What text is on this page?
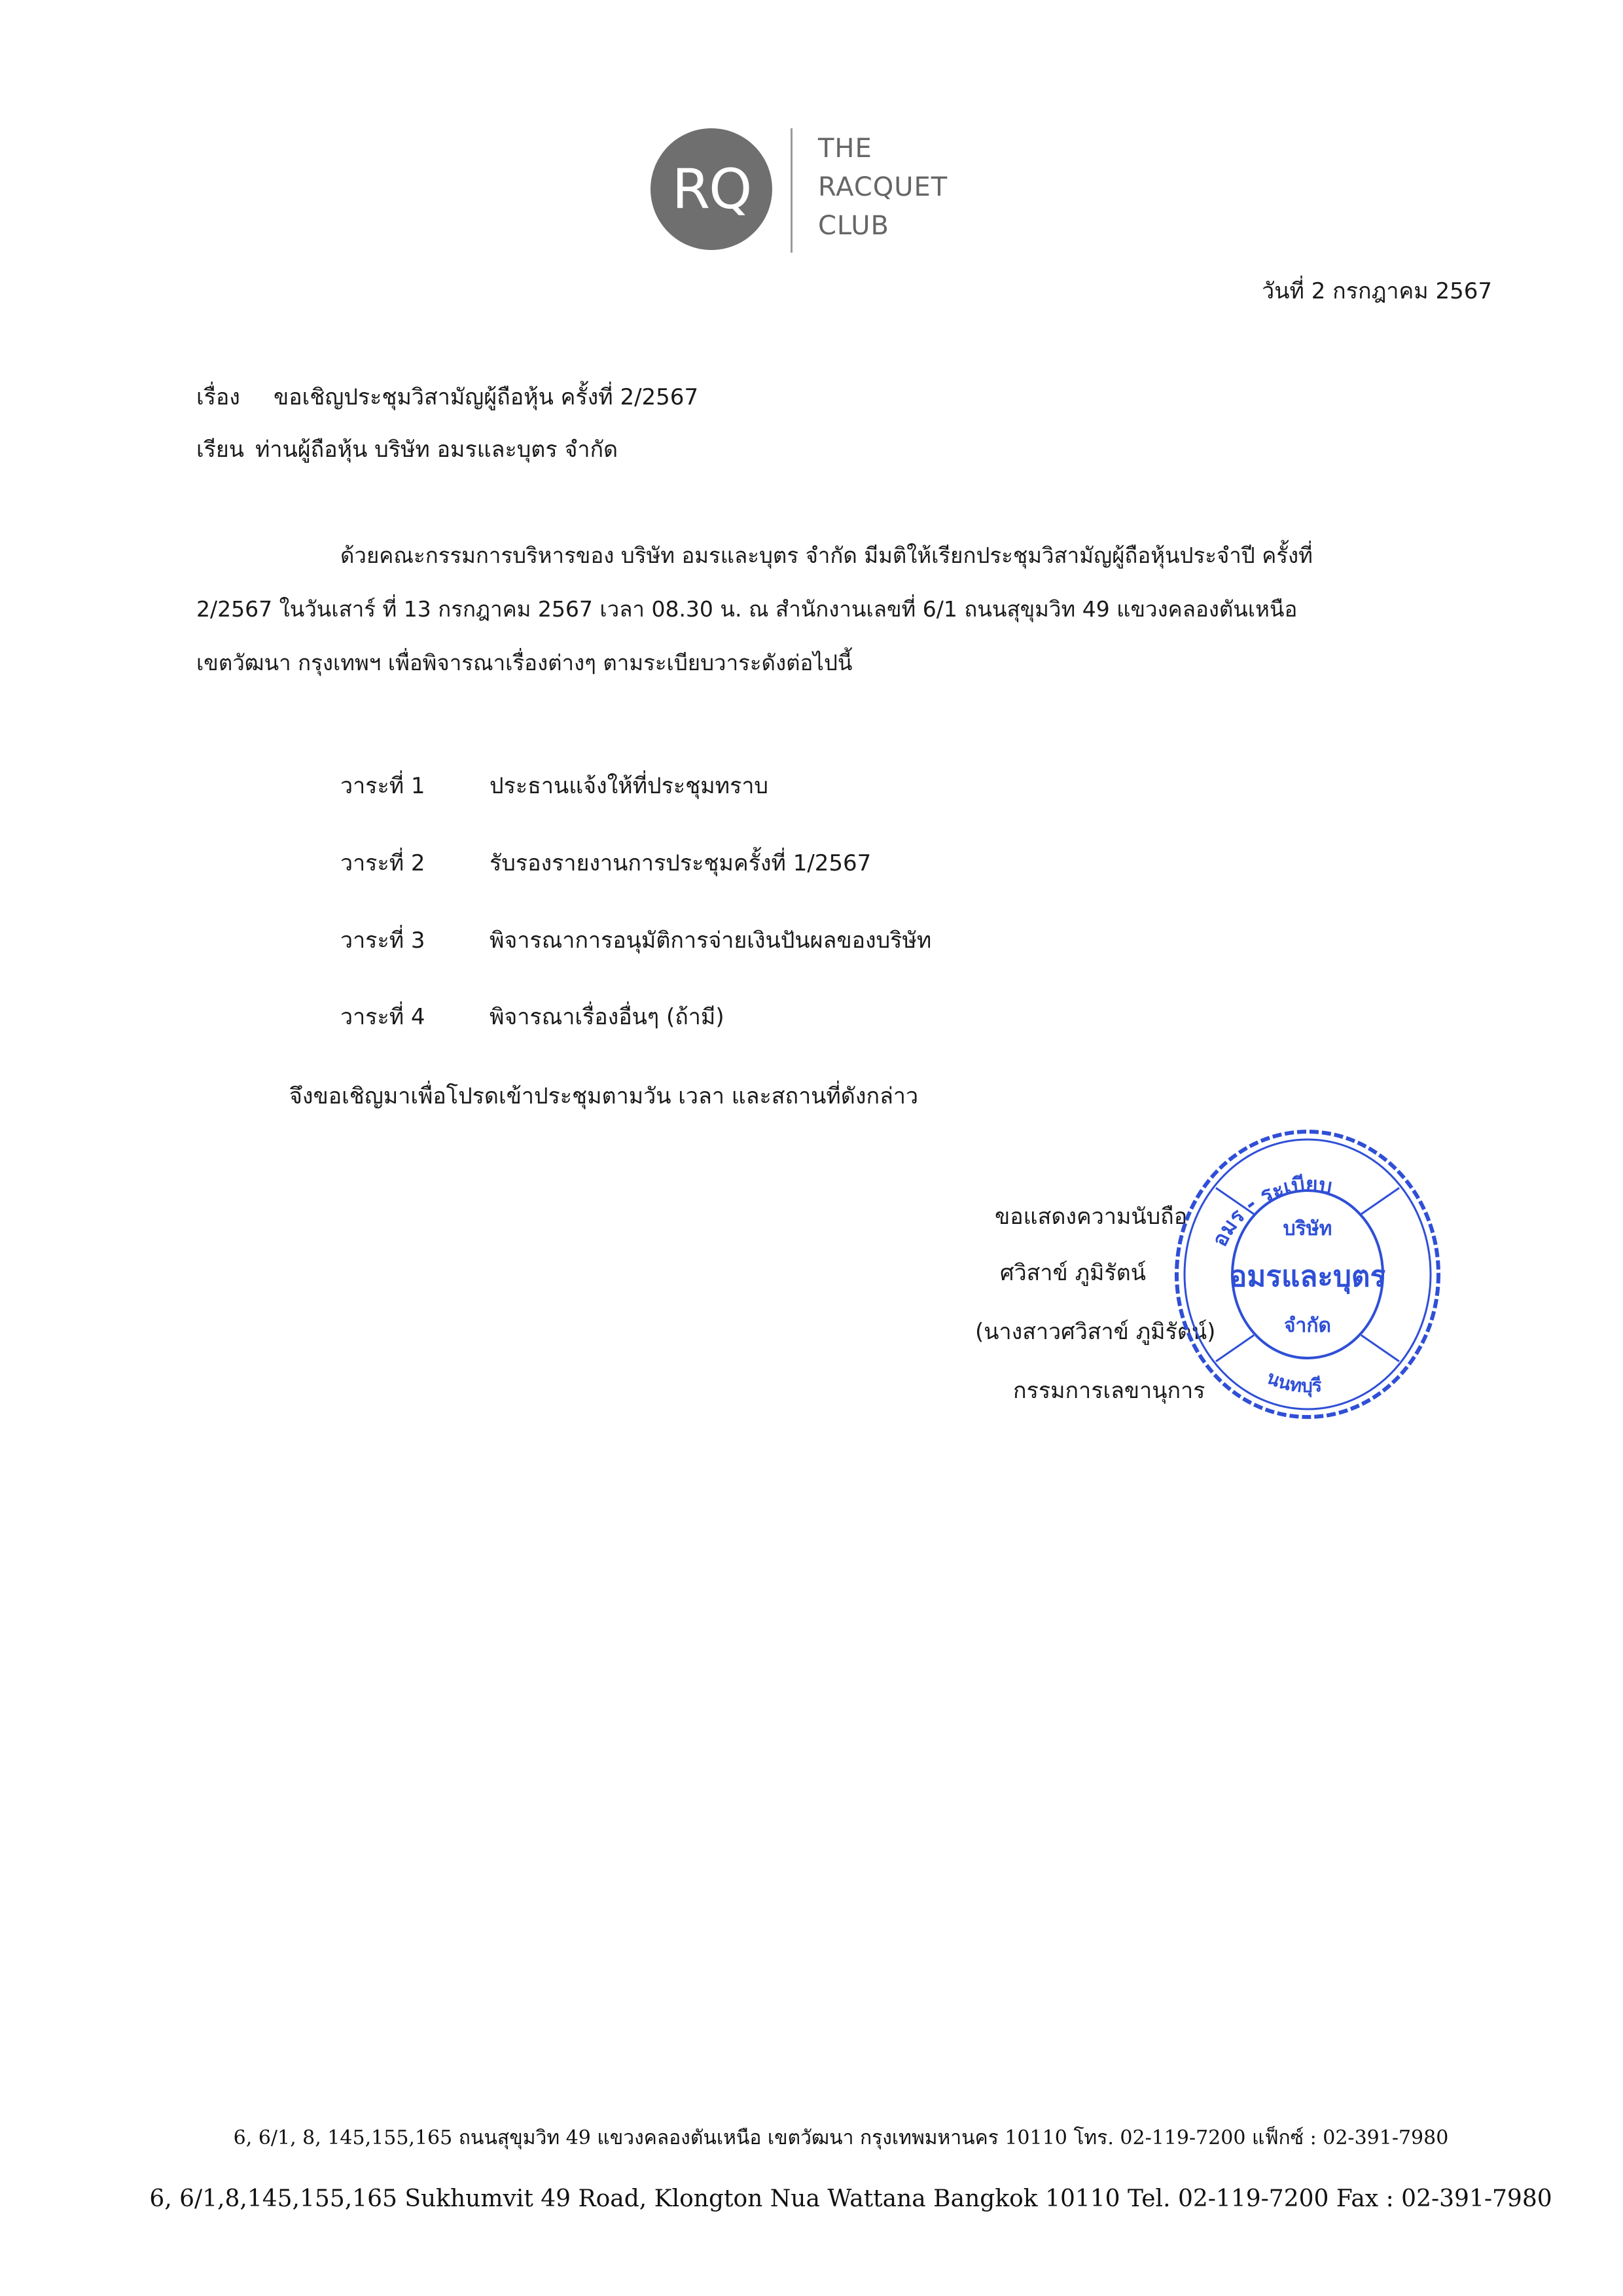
RQ
THE
RACQUET
CLUB
วันที่ 2 กรกฎาคม 2567
เรื่อง ขอเชิญประชุมวิสามัญผู้ถือหุ้น ครั้งที่ 2/2567
เรียน ท่านผู้ถือหุ้น บริษัท อมรและบุตร จำกัด
ด้วยคณะกรรมการบริหารของ บริษัท อมรและบุตร จำกัด มีมติให้เรียกประชุมวิสามัญผู้ถือหุ้นประจำปี ครั้งที่
2/2567 ในวันเสาร์ ที่ 13 กรกฎาคม 2567 เวลา 08.30 น. ณ สำนักงานเลขที่ 6/1 ถนนสุขุมวิท 49 แขวงคลองตันเหนือ
เขตวัฒนา กรุงเทพฯ เพื่อพิจารณาเรื่องต่างๆ ตามระเบียบวาระดังต่อไปนี้
วาระที่ 1	ประธานแจ้งให้ที่ประชุมทราบ
วาระที่ 2	รับรองรายงานการประชุมครั้งที่ 1/2567
วาระที่ 3	พิจารณาการอนุมัติการจ่ายเงินปันผลของบริษัท
วาระที่ 4	พิจารณาเรื่องอื่นๆ (ถ้ามี)
จึงขอเชิญมาเพื่อโปรดเข้าประชุมตามวัน เวลา และสถานที่ดังกล่าว
ขอแสดงความนับถือ
ศวิสาข์ ภูมิรัตน์
(นางสาวศวิสาข์ ภูมิรัตน์)
กรรมการเลขานุการ
อมร - ระเบียบ
นนทบุรี
บริษัท
อมรและบุตร
จำกัด
6, 6/1, 8, 145,155,165 ถนนสุขุมวิท 49 แขวงคลองตันเหนือ เขตวัฒนา กรุงเทพมหานคร 10110 โทร. 02-119-7200 แฟ็กซ์ : 02-391-7980
6, 6/1,8,145,155,165 Sukhumvit 49 Road, Klongton Nua Wattana Bangkok 10110 Tel. 02-119-7200 Fax : 02-391-7980
